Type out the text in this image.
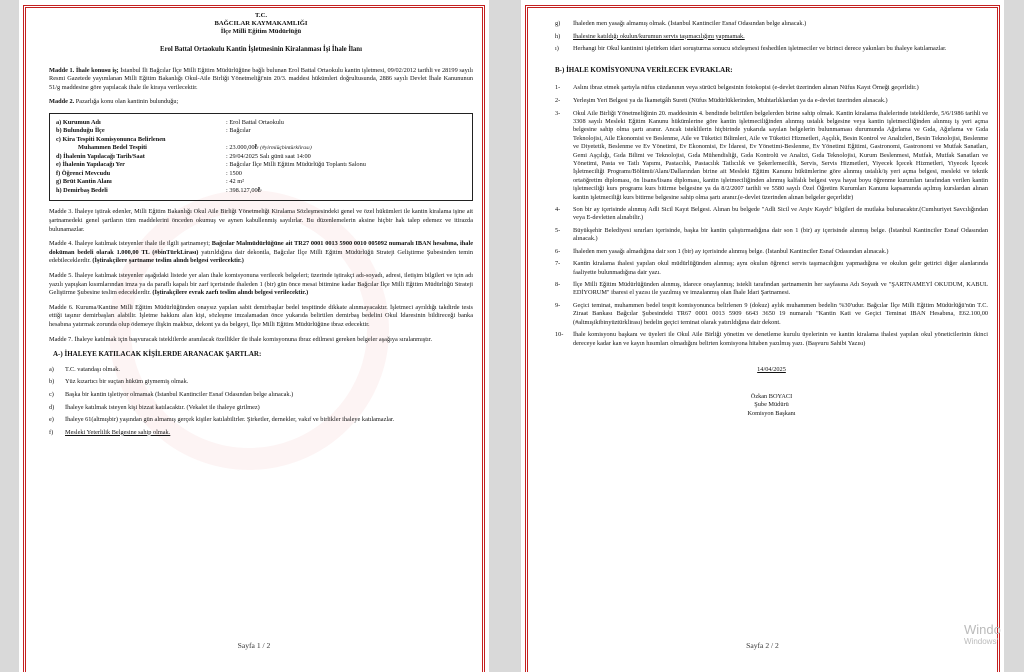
T.C.
BAĞCILAR KAYMAKAMLIĞI
İlçe Milli Eğitim Müdürlüğü
Erol Battal Ortaokulu Kantin İşletmesinin Kiralanması İşi İhale İlanı

Madde 1. İhale konusu iş; İstanbul İli Bağcılar İlçe Milli Eğitim Müdürlüğüne bağlı bulunan Erol Battal Ortaokulu kantin işletmesi, 09/02/2012 tarihli ve 28199 sayılı Resmi Gazetede yayımlanan Milli Eğitim Bakanlığı Okul-Aile Birliği Yönetmeliği'nin 20/3. maddesi hükümleri doğrultusunda, 2886 sayılı Devlet İhale Kanununun 51/g maddesine göre yapılacak ihale ile kiraya verilecektir.

Madde 2. Pazarlığa konu olan kantinin bulunduğu;

a) Kurumun Adı	: Erol Battal Ortaokulu
b) Bulunduğu İlçe	: Bağcılar
c) Kira Tespiti Komisyonunca Belirlenen
Muhammen Bedel Tespiti	: 23.000,00₺ (#yirmiüçbintürklirası)
d) İhalenin Yapılacağı Tarih/Saat	: 29/04/2025 Salı günü saat 14:00
e) İhalenin Yapılacağı Yer	: Bağcılar İlçe Milli Eğitim Müdürlüğü Toplantı Salonu
f) Öğrenci Mevcudu	: 1500
g) Brüt Kantin Alanı	: 42 m²
h) Demirbaş Bedeli	: 398.127,00₺

Madde 3. İhaleye iştirak edenler, Milli Eğitim Bakanlığı Okul Aile Birliği Yönetmeliği Kiralama Sözleşmesindeki genel ve özel hükümleri ile kantin kiralama işine ait şartnamedeki genel şartların tüm maddelerini önceden okumuş ve aynen kabullenmiş sayılırlar. Bu düzenlemelerin aksine hiçbir hak talep edemez ve itirazda bulunamazlar.

Madde 4. İhaleye katılmak isteyenler ihale ile ilgili şartnameyi; Bağcılar Malmüdürlüğüne ait TR27 0001 0013 5900 0010 005092 numaralı IBAN hesabına, ihale doküman bedeli olarak 1.000,00 TL (#binTürkLirası) yatırıldığına dair dekontla, Bağcılar İlçe Milli Eğitim Müdürlüğü Strateji Geliştirme Şubesinden temin edebileceklerdir. (İştirakçilere şartname teslim alındı belgesi verilecektir.)

Madde 5. İhaleye katılmak isteyenler aşağıdaki listede yer alan ihale komisyonuna verilecek belgeleri; üzerinde iştirakçi adı-soyadı, adresi, iletişim bilgileri ve için adı yazılı yapışkan kısımlarından imza ya da paraflı kapalı bir zarf içerisinde ihaleden 1 (bir) gün önce mesai bitimine kadar Bağcılar İlçe Milli Eğitim Müdürlüğü Strateji Geliştirme Şubesine teslim edeceklerdir. (İştirakçilere evrak zarfı teslim alındı belgesi verilecektir.)

Madde 6. Kuruma/Kantine Milli Eğitim Müdürlüğünden onaysız yapılan sabit demirbaşlar bedel tespitinde dikkate alınmayacaktır. İşletmeci ayrıldığı takdirde tesis ettiği taşınır demirbaşları alabilir. İşletme hakkını alan kişi, sözleşme imzalamadan önce yukarıda belirtilen demirbaş bedelini Okul İdaresinin bildireceği banka hesabına yatırmak zorunda olup ödemeye ilişkin makbuz, dekont ya da belgeyi, İlçe Milli Eğitim Müdürlüğüne ibraz edecektir.

Madde 7. İhaleye katılmak için başvuracak isteklilerde aranılacak özellikler ile ihale komisyonuna ibraz edilmesi gereken belgeler aşağıya sıralanmıştır.

A-) İHALEYE KATILACAK KİŞİLERDE ARANACAK ŞARTLAR:
a)	T.C. vatandaşı olmak.
b)	Yüz kızartıcı bir suçtan hüküm giymemiş olmak.
c)	Başka bir kantin işletiyor olmamak (İstanbul Kantinciler Esnaf Odasından belge alınacak.)
d)	İhaleye katılmak isteyen kişi bizzat katılacaktır. (Vekalet ile ihaleye girilmez)
e)	İhaleye 61(altmışbir) yaşından gün almamış gerçek kişiler katılabilirler. Şirketler, dernekler, vakıf ve birlikler ihaleye katılamazlar.
f)	Mesleki Yeterlilik Belgesine sahip olmak.
Sayfa 1 / 2
g)	İhaleden men yasağı almamış olmak. (İstanbul Kantinciler Esnaf Odasından belge alınacak.)
h)	İhalesine katıldığı okulun/kurumun servis taşımacılığını yapmamak.
ı)	Herhangi bir Okul kantinini işletirken idari soruşturma sonucu sözleşmesi feshedilen işletmeciler ve birinci derece yakınları bu ihaleye katılamazlar.
B-) İHALE KOMİSYONUNA VERİLECEK EVRAKLAR:
1-	Aslını ibraz etmek şartıyla nüfus cüzdanının veya sürücü belgesinin fotokopisi (e-devlet üzerinden alınan Nüfus Kayıt Örneği geçerlidir.)
2-	Yerleşim Yeri Belgesi ya da İkametgâh Sureti (Nüfus Müdürlüklerinden, Muhtarlıklardan ya da e-devlet üzerinden alınacak.)
3-	Okul Aile Birliği Yönetmeliğinin 20. maddesinin 4. bendinde belirtilen belgelerden birine sahip olmak. Kantin kiralama ihalelerinde isteklilerde, 5/6/1986 tarihli ve 3308 sayılı Mesleki Eğitim Kanunu hükümlerine göre kantin işletmeciliğinden alınmış ustalık belgesine veya kantin işletmeciliğinden alınmış iş yeri açma belgesine sahip olma şartı aranır. Ancak isteklilerin hiçbirinde yukarıda sayılan belgelerin bulunmaması durumunda Ağırlama ve Gıda, Ağırlama ve Gıda Teknolojisi, Aile Ekonomisi ve Beslenme, Aile ve Tüketici Bilimleri, Aile ve Tüketici Hizmetleri, Aşçılık, Besin Kontrol ve Analizleri, Besin Teknolojisi, Beslenme ve Diyetetik, Beslenme ve Ev Yönetimi, Ev Ekonomisi, Ev İdaresi, Ev Yönetimi-Beslenme, Ev Yönetimi Eğitimi, Gastronomi, Gastronomi ve Mutfak Sanatları, Gemi Aşçılığı, Gıda Bilimi ve Teknolojisi, Gıda Mühendisliği, Gıda Kontrolü ve Analizi, Gıda Teknolojisi, Kurum Beslenmesi, Mutfak, Mutfak Sanatları ve Yönetimi, Pasta ve Tatlı Yapımı, Pastacılık, Pastacılık Tatlıcılık ve Şekerlemecilik, Servis, Servis Hizmetleri, Yiyecek İçecek Hizmetleri, Yiyecek İçecek İşletmeciliği Programı/Bölümü/Alanı/Dallarından birine ait Mesleki Eğitim Kanunu hükümlerine göre alınmış ustalık/iş yeri açma belgesi, mesleki ve teknik ortaöğretim diploması, ön lisans/lisans diploması, kantin işletmeciliğinden alınmış kalfalık belgesi veya hayat boyu öğrenme kurumları tarafından verilen kantin işletmeciliği kurs programı kurs bitirme belgesine ya da 8/2/2007 tarihli ve 5580 sayılı Özel Öğretim Kurumları Kanunu kapsamında açılmış kurslardan alınan kantin işletmeciliği kurs bitirme belgesine sahip olma şartı aranır.(e-devlet üzerinden alınan belgeler geçerlidir)
4-	Son bir ay içerisinde alınmış Adli Sicil Kayıt Belgesi. Alınan bu belgede "Adli Sicil ve Arşiv Kaydı" bilgileri de mutlaka bulunacaktır.(Cumhuriyet Savcılığından veya E-devletten alınabilir.)
5-	Büyükşehir Belediyesi sınırları içerisinde, başka bir kantin çalıştırmadığına dair son 1 (bir) ay içerisinde alınmış belge. (İstanbul Kantinciler Esnaf Odasından alınacak.)
6-	İhaleden men yasağı almadığına dair son 1 (bir) ay içerisinde alınmış belge. (İstanbul Kantinciler Esnaf Odasından alınacak.)
7-	Kantin kiralama ihalesi yapılan okul müdürlüğünden alınmış; aynı okulun öğrenci servis taşımacılığını yapmadığına ve okulun gelir getirici diğer alanlarında faaliyette bulunmadığına dair yazı.
8-	İlçe Milli Eğitim Müdürlüğünden alınmış, idarece onaylanmış; istekli tarafından şartnamenin her sayfasına Adı Soyadı ve "ŞARTNAMEYİ OKUDUM, KABUL EDİYORUM" ibaresi el yazısı ile yazılmış ve imzalanmış olan İhale İdari Şartnamesi.
9-	Geçici teminat, muhammen bedel tespit komisyonunca belirlenen 9 (dokuz) aylık muhammen bedelin %30'udur. Bağcılar İlçe Milli Eğitim Müdürlüğü'nün T.C. Ziraat Bankası Bağcılar Şubesindeki TR67 0001 0013 5909 6643 3650 19 numaralı "Kantin Kati ve Geçici Teminat IBAN Hesabına, E62.100,00 (#altmışikibinyüztürklirası) bedelin geçici teminat olarak yatırıldığına dair dekont.
10-	İhale komisyonu başkanı ve üyeleri ile Okul Aile Birliği yönetim ve denetleme kurulu üyelerinin ve kantin kiralama ihalesi yapılan okul yöneticilerinin ikinci dereceye kadar kan ve kayın hısımları olmadığını belirten komisyona hitaben yazılmış yazı. (Başvuru Sahibi Yazısı)
14/04/2025
Özkan BOYACI
Şube Müdürü
Komisyon Başkanı
Sayfa 2 / 2
Windo
Windows'
